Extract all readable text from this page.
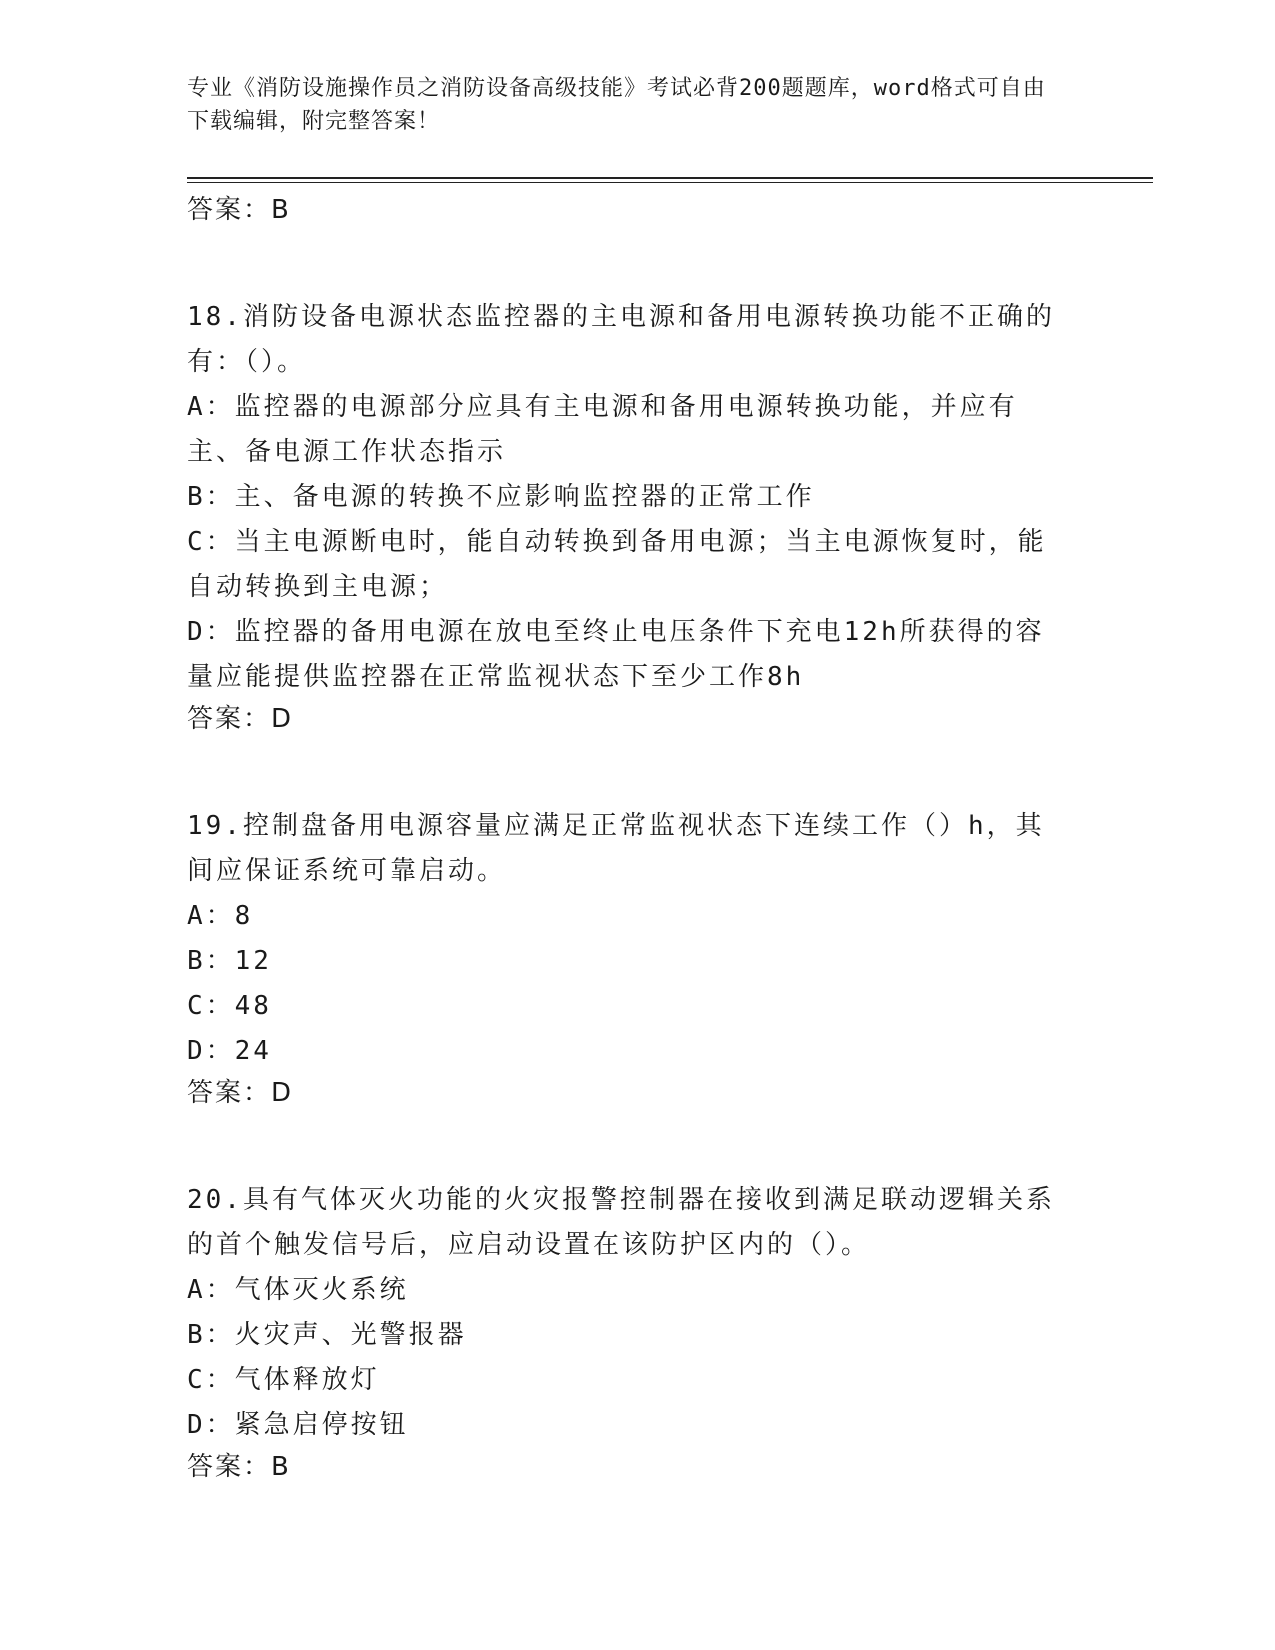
专业《消防设施操作员之消防设备高级技能》考试必背200题题库，word格式可自由下载编辑，附完整答案！

答案：B

18.消防设备电源状态监控器的主电源和备用电源转换功能不正确的有：（）。

A：监控器的电源部分应具有主电源和备用电源转换功能，并应有主、备电源工作状态指示

B：主、备电源的转换不应影响监控器的正常工作

C：当主电源断电时，能自动转换到备用电源；当主电源恢复时，能自动转换到主电源；

D：监控器的备用电源在放电至终止电压条件下充电12h所获得的容量应能提供监控器在正常监视状态下至少工作8h

答案：D

19.控制盘备用电源容量应满足正常监视状态下连续工作（）h，其间应保证系统可靠启动。

A：8

B：12

C：48

D：24

答案：D

20.具有气体灭火功能的火灾报警控制器在接收到满足联动逻辑关系的首个触发信号后，应启动设置在该防护区内的（）。

A：气体灭火系统

B：火灾声、光警报器

C：气体释放灯

D：紧急启停按钮

答案：B
